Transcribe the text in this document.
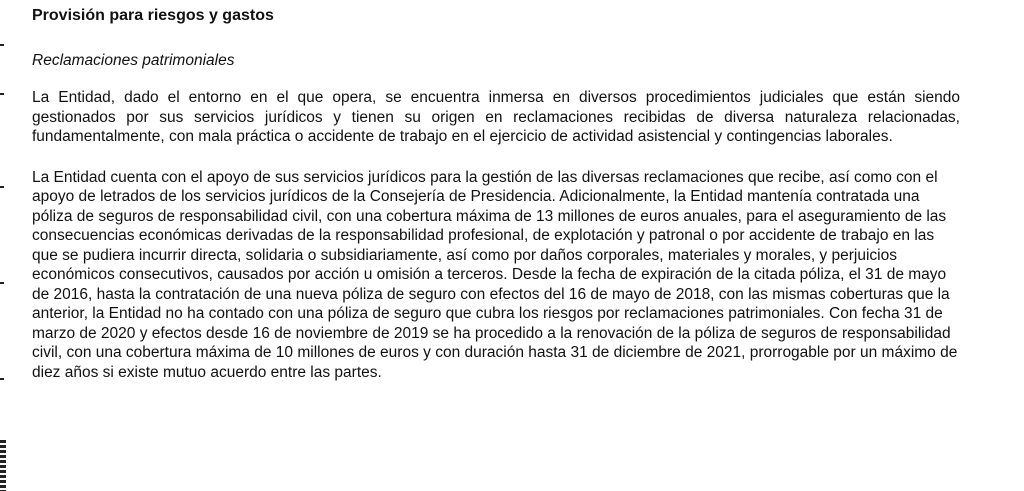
Provisión para riesgos y gastos
Reclamaciones patrimoniales

La Entidad, dado el entorno en el que opera, se encuentra inmersa en diversos procedimientos judiciales que están siendo gestionados por sus servicios jurídicos y tienen su origen en reclamaciones recibidas de diversa naturaleza relacionadas, fundamentalmente, con mala práctica o accidente de trabajo en el ejercicio de actividad asistencial y contingencias laborales.

La Entidad cuenta con el apoyo de sus servicios jurídicos para la gestión de las diversas reclamaciones que recibe, así como con el apoyo de letrados de los servicios jurídicos de la Consejería de Presidencia. Adicionalmente, la Entidad mantenía contratada una póliza de seguros de responsabilidad civil, con una cobertura máxima de 13 millones de euros anuales, para el aseguramiento de las consecuencias económicas derivadas de la responsabilidad profesional, de explotación y patronal o por accidente de trabajo en las que se pudiera incurrir directa, solidaria o subsidiariamente, así como por daños corporales, materiales y morales, y perjuicios económicos consecutivos, causados por acción u omisión a terceros. Desde la fecha de expiración de la citada póliza, el 31 de mayo de 2016, hasta la contratación de una nueva póliza de seguro con efectos del 16 de mayo de 2018, con las mismas coberturas que la anterior, la Entidad no ha contado con una póliza de seguro que cubra los riesgos por reclamaciones patrimoniales. Con fecha 31 de marzo de 2020 y efectos desde 16 de noviembre de 2019 se ha procedido a la renovación de la póliza de seguros de responsabilidad civil, con una cobertura máxima de 10 millones de euros y con duración hasta 31 de diciembre de 2021, prorrogable por un máximo de diez años si existe mutuo acuerdo entre las partes.
